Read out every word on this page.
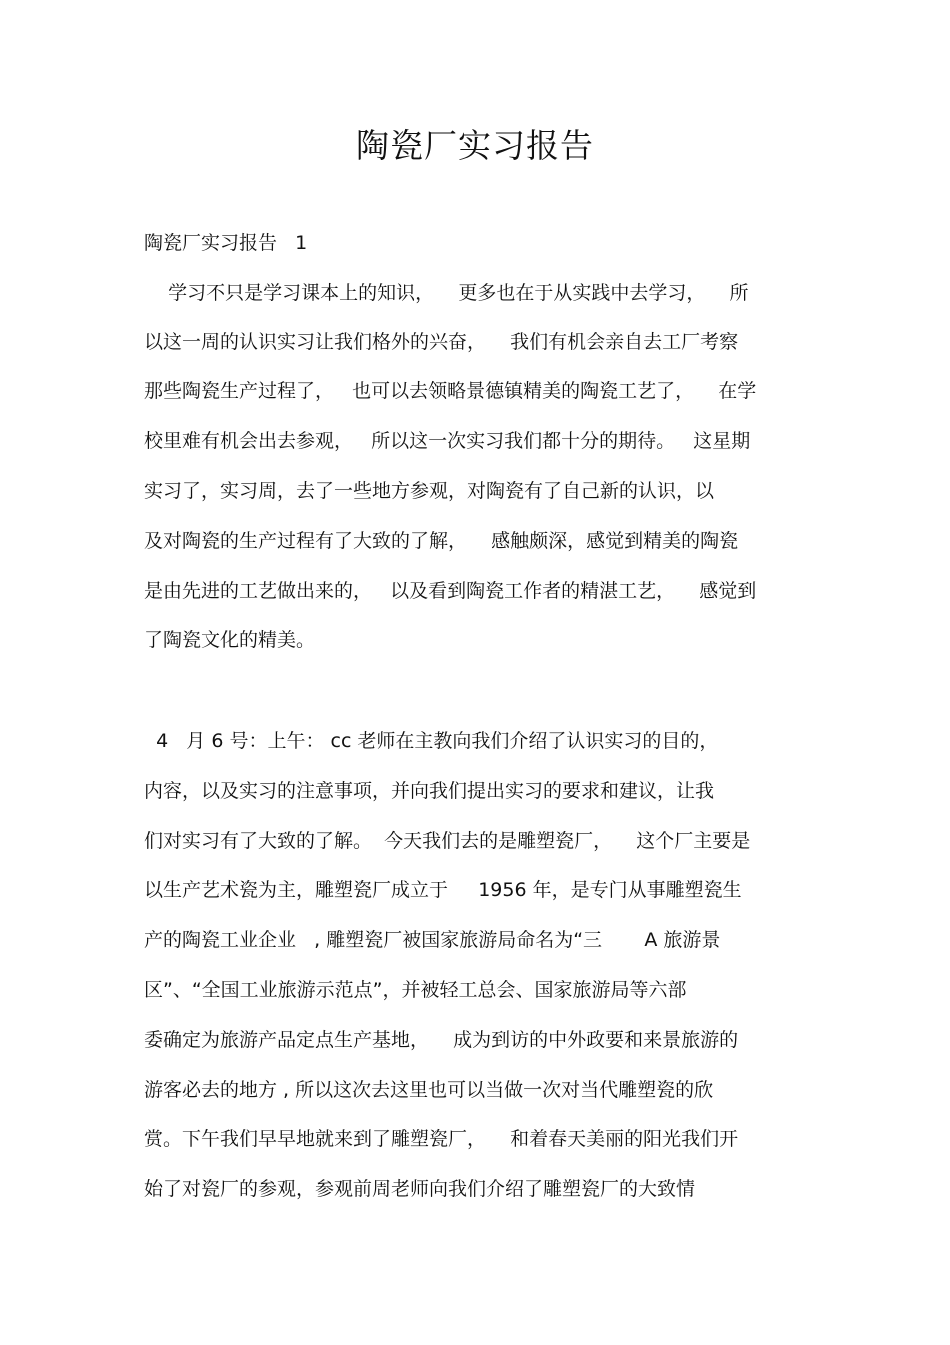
陶瓷厂实习报告
陶瓷厂实习报告   1
学习不只是学习课本上的知识，    更多也在于从实践中去学习，    所
以这一周的认识实习让我们格外的兴奋，    我们有机会亲自去工厂考察
那些陶瓷生产过程了，   也可以去领略景德镇精美的陶瓷工艺了，    在学
校里难有机会出去参观，   所以这一次实习我们都十分的期待。   这星期
实习了，实习周，去了一些地方参观，对陶瓷有了自己新的认识，以
及对陶瓷的生产过程有了大致的了解，    感触颇深，感觉到精美的陶瓷
是由先进的工艺做出来的，   以及看到陶瓷工作者的精湛工艺，    感觉到
了陶瓷文化的精美。
4   月 6 号：上午： cc 老师在主教向我们介绍了认识实习的目的，
内容，以及实习的注意事项，并向我们提出实习的要求和建议，让我
们对实习有了大致的了解。  今天我们去的是雕塑瓷厂，    这个厂主要是
以生产艺术瓷为主，雕塑瓷厂成立于     1956 年，是专门从事雕塑瓷生
产的陶瓷工业企业   , 雕塑瓷厂被国家旅游局命名为“三       A 旅游景
区”、“全国工业旅游示范点”，并被轻工总会、国家旅游局等六部
委确定为旅游产品定点生产基地，    成为到访的中外政要和来景旅游的
游客必去的地方 , 所以这次去这里也可以当做一次对当代雕塑瓷的欣
赏。下午我们早早地就来到了雕塑瓷厂，    和着春天美丽的阳光我们开
始了对瓷厂的参观，参观前周老师向我们介绍了雕塑瓷厂的大致情
